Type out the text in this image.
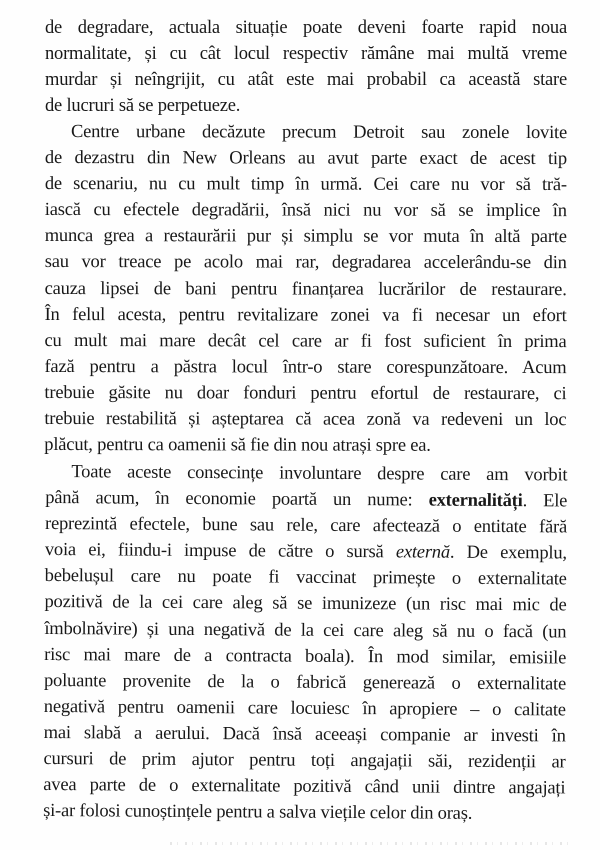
de degradare, actuala situație poate deveni foarte rapid noua
normalitate, și cu cât locul respectiv rămâne mai multă vreme
murdar și neîngrijit, cu atât este mai probabil ca această stare
de lucruri să se perpetueze.
Centre urbane decăzute precum Detroit sau zonele lovite
de dezastru din New Orleans au avut parte exact de acest tip
de scenariu, nu cu mult timp în urmă. Cei care nu vor să tră-
iască cu efectele degradării, însă nici nu vor să se implice în
munca grea a restaurării pur și simplu se vor muta în altă parte
sau vor treace pe acolo mai rar, degradarea accelerându-se din
cauza lipsei de bani pentru finanțarea lucrărilor de restaurare.
În felul acesta, pentru revitalizare zonei va fi necesar un efort
cu mult mai mare decât cel care ar fi fost suficient în prima
fază pentru a păstra locul într-o stare corespunzătoare. Acum
trebuie găsite nu doar fonduri pentru efortul de restaurare, ci
trebuie restabilită și așteptarea că acea zonă va redeveni un loc
plăcut, pentru ca oamenii să fie din nou atrași spre ea.
Toate aceste consecințe involuntare despre care am vorbit
până acum, în economie poartă un nume: externalități. Ele
reprezintă efectele, bune sau rele, care afectează o entitate fără
voia ei, fiindu-i impuse de către o sursă externă. De exemplu,
bebelușul care nu poate fi vaccinat primește o externalitate
pozitivă de la cei care aleg să se imunizeze (un risc mai mic de
îmbolnăvire) și una negativă de la cei care aleg să nu o facă (un
risc mai mare de a contracta boala). În mod similar, emisiile
poluante provenite de la o fabrică generează o externalitate
negativă pentru oamenii care locuiesc în apropiere – o calitate
mai slabă a aerului. Dacă însă aceeași companie ar investi în
cursuri de prim ajutor pentru toți angajații săi, rezidenții ar
avea parte de o externalitate pozitivă când unii dintre angajați
și-ar folosi cunoștințele pentru a salva viețile celor din oraș.
